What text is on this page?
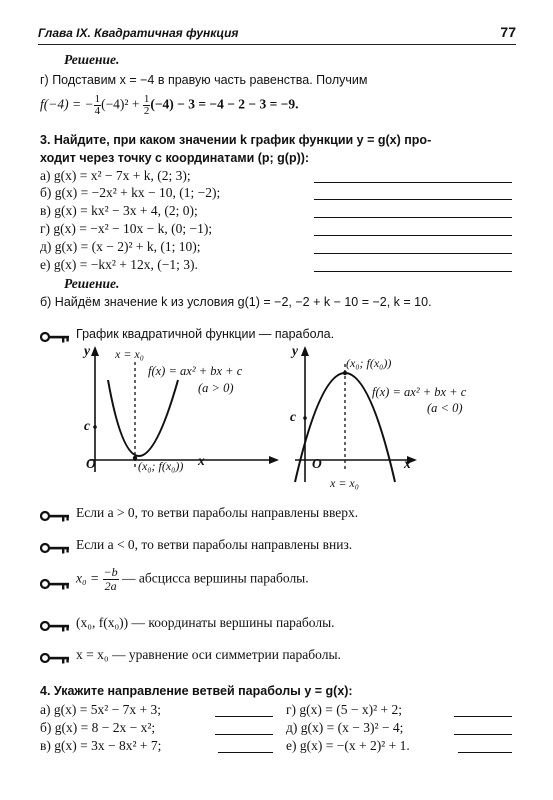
Глава IX. Квадратичная функция	77
Решение.
г) Подставим x = −4 в правую часть равенства. Получим
f(−4) = − $\frac{1}{4} (-4)^2 + \frac{1}{2} (-4) - 3 = -4 - 2 - 3 = -9$.
3. Найдите, при каком значении k график функции y = g(x) про-
ходит через точку с координатами (p; g(p)):
а) g(x) = x² − 7x + k, (2; 3);
б) g(x) = −2x² + kx − 10, (1; −2);
в) g(x) = kx² − 3x + 4, (2; 0);
г) g(x) = −x² − 10x − k, (0; −1);
д) g(x) = (x − 2)² + k, (1; 10);
е) g(x) = −kx² + 12x, (−1; 3).
Решение.
б) Найдём значение k из условия g(1) = −2, −2 + k − 10 = −2, k = 10.
График квадратичной функции — парабола.
y x = x₀
f(x) = ax² + bx + c
(a > 0)
c
O	(x₀; f(x₀)) x
y
(x₀; f(x₀))
f(x) = ax² + bx + c
(a < 0)
c
O	x
x = x₀
Если a > 0, то ветви параболы направлены вверх.
Если a < 0, то ветви параболы направлены вниз.
$x_0 = \frac{-b}{2a}$ — абсцисса вершины параболы.
(x₀, f(x₀)) — координаты вершины параболы.
x = x₀ — уравнение оси симметрии параболы.
4. Укажите направление ветвей параболы y = g(x):
а) g(x) = 5x² − 7x + 3;
б) g(x) = 8 − 2x − x²;
в) g(x) = 3x − 8x² + 7;
г) g(x) = (5 − x)² + 2;
д) g(x) = (x − 3)² − 4;
е) g(x) = −(x + 2)² + 1.
